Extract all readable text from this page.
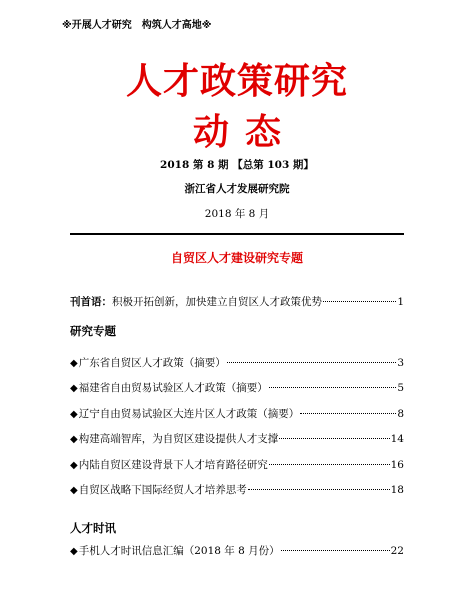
※开展人才研究　构筑人才高地※
人才政策研究
动态
2018 第 8 期 【总第 103 期】
浙江省人才发展研究院
2018 年 8 月
自贸区人才建设研究专题
刊首语：积极开拓创新，加快建立自贸区人才政策优势	1
研究专题
◆广东省自贸区人才政策（摘要）	3
◆福建省自由贸易试验区人才政策（摘要）	5
◆辽宁自由贸易试验区大连片区人才政策（摘要）	8
◆构建高端智库，为自贸区建设提供人才支撑	14
◆内陆自贸区建设背景下人才培育路径研究	16
◆自贸区战略下国际经贸人才培养思考	18
人才时讯
◆手机人才时讯信息汇编（2018 年 8 月份）	22
